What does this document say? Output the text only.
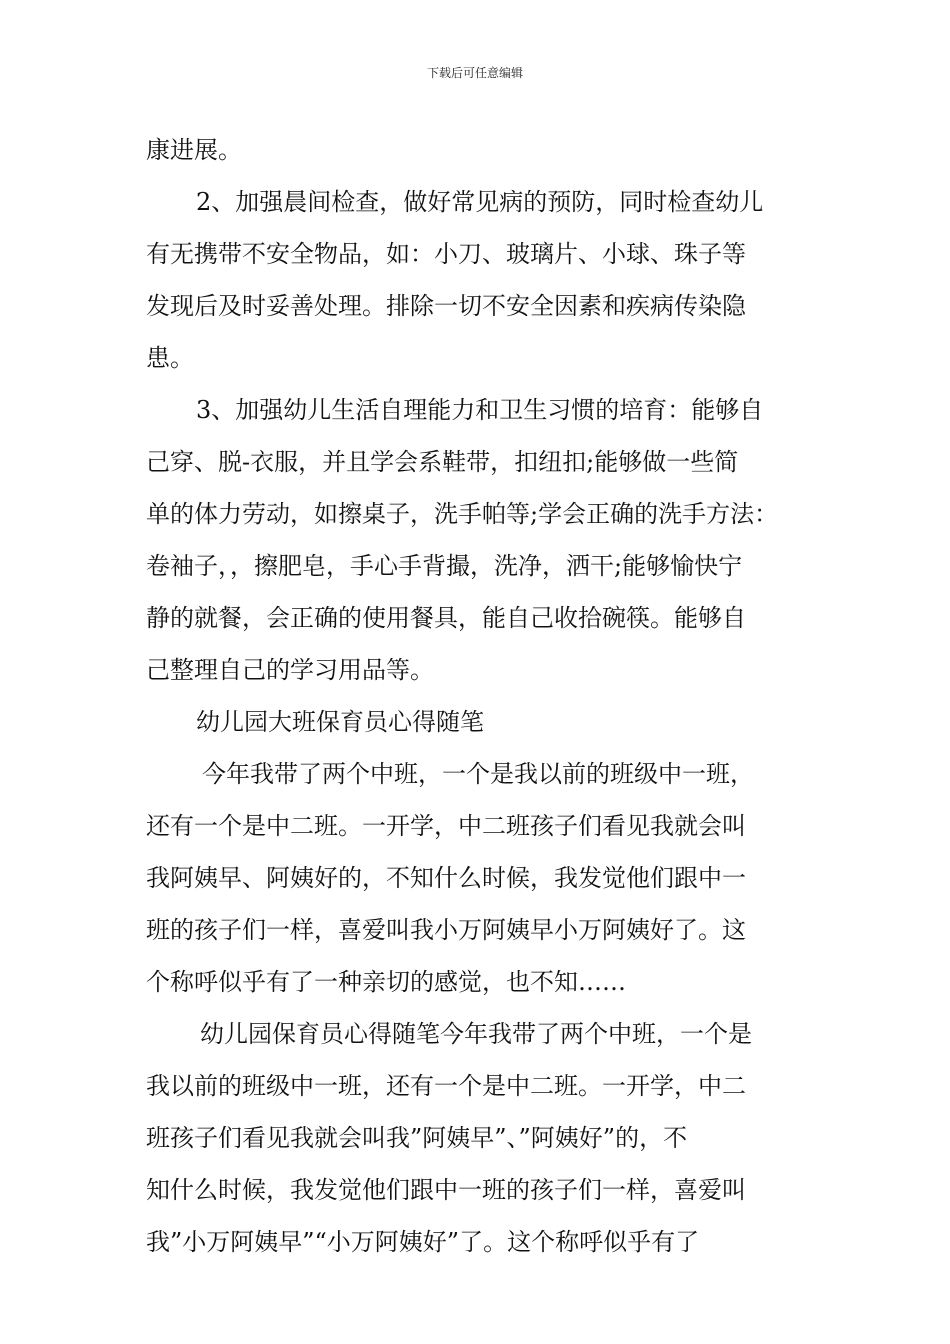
下载后可任意编辑
康进展。
2、加强晨间检查，做好常见病的预防，同时检查幼儿
有无携带不安全物品，如：小刀、玻璃片、小球、珠子等
发现后及时妥善处理。排除一切不安全因素和疾病传染隐
患。
3、加强幼儿生活自理能力和卫生习惯的培育：能够自
己穿、脱-衣服，并且学会系鞋带，扣纽扣;能够做一些简
单的体力劳动，如擦桌子，洗手帕等;学会正确的洗手方法：
卷袖子，，擦肥皂，手心手背撮，洗净，洒干;能够愉快宁
静的就餐，会正确的使用餐具，能自己收拾碗筷。能够自
己整理自己的学习用品等。
幼儿园大班保育员心得随笔
今年我带了两个中班，一个是我以前的班级中一班，
还有一个是中二班。一开学，中二班孩子们看见我就会叫
我阿姨早、阿姨好的，不知什么时候，我发觉他们跟中一
班的孩子们一样，喜爱叫我小万阿姨早小万阿姨好了。这
个称呼似乎有了一种亲切的感觉，也不知……
幼儿园保育员心得随笔今年我带了两个中班，一个是
我以前的班级中一班，还有一个是中二班。一开学，中二
班孩子们看见我就会叫我”阿姨早”、”阿姨好”的，不
知什么时候，我发觉他们跟中一班的孩子们一样，喜爱叫
我”小万阿姨早”“小万阿姨好”了。这个称呼似乎有了
